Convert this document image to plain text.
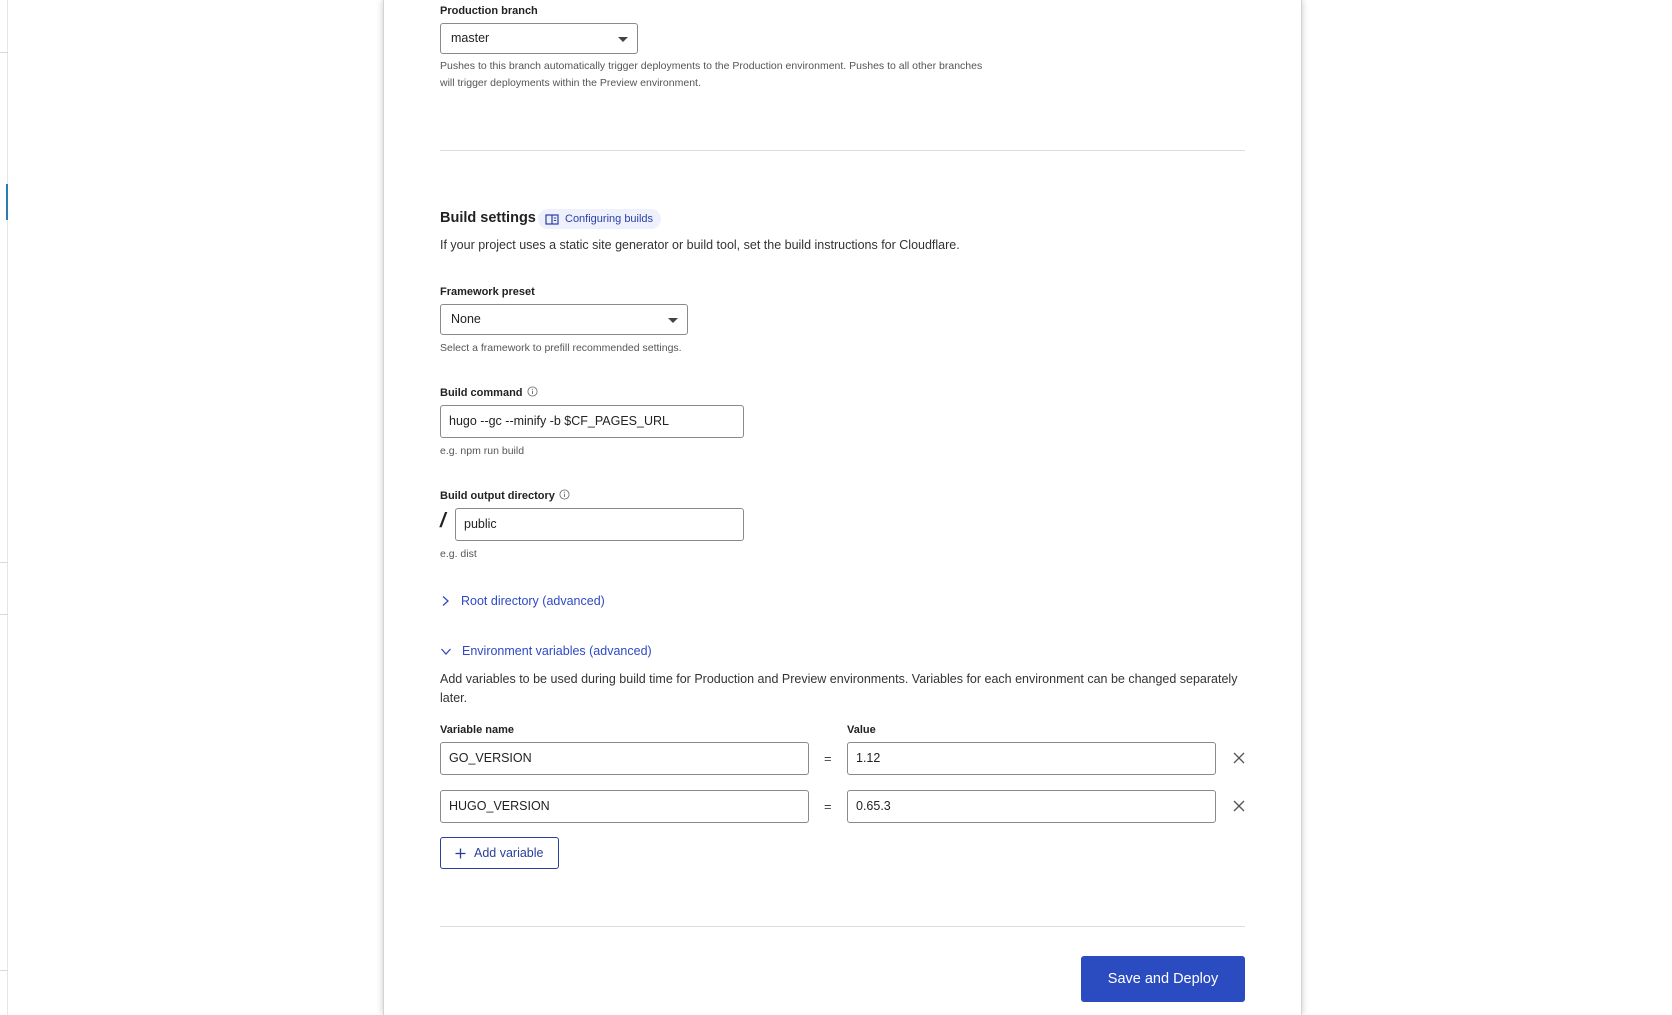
Production branch
master
Pushes to this branch automatically trigger deployments to the Production environment. Pushes to all other branches
will trigger deployments within the Preview environment.
Build settings	Configuring builds
If your project uses a static site generator or build tool, set the build instructions for Cloudflare.
Framework preset
None
Select a framework to prefill recommended settings.
Build command
hugo --gc --minify -b $CF_PAGES_URL
e.g. npm run build
Build output directory
/	public
e.g. dist
Root directory (advanced)
Environment variables (advanced)
Add variables to be used during build time for Production and Preview environments. Variables for each environment can be changed separately later.
Variable name	Value
GO_VERSION	=	1.12
HUGO_VERSION	=	0.65.3
Add variable
Save and Deploy
